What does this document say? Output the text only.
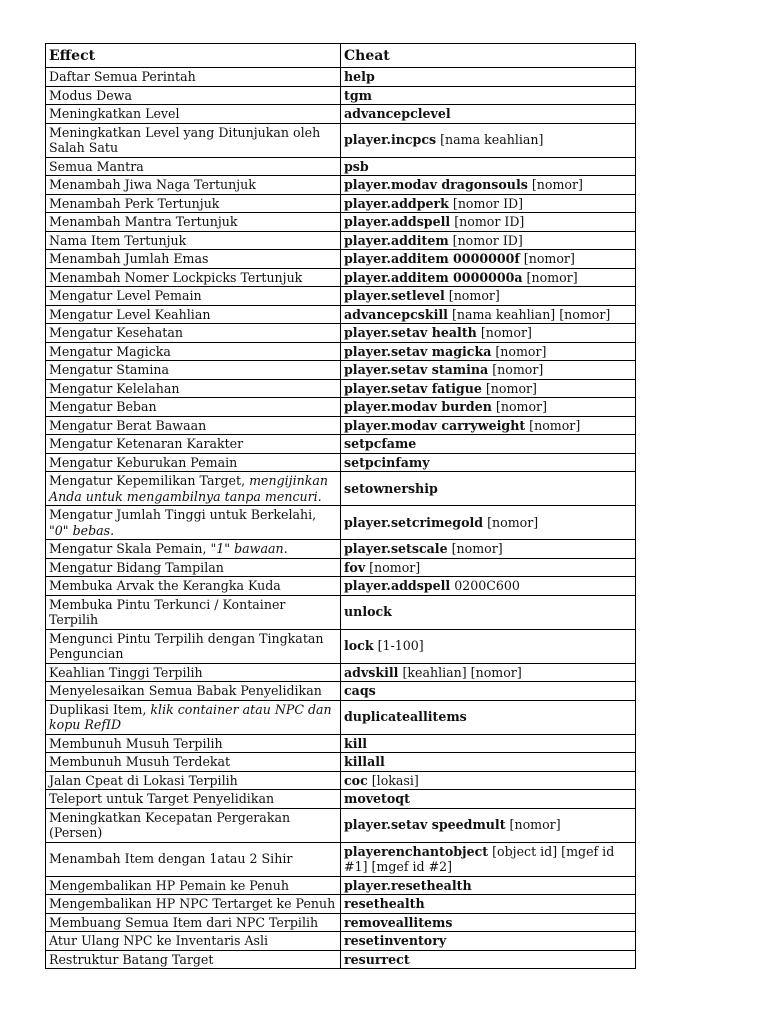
Effect	Cheat
Daftar Semua Perintah	help
Modus Dewa	tgm
Meningkatkan Level	advancepclevel
Meningkatkan Level yang Ditunjukan oleh Salah Satu	player.incpcs [nama keahlian]
Semua Mantra	psb
Menambah Jiwa Naga Tertunjuk	player.modav dragonsouls [nomor]
Menambah Perk Tertunjuk	player.addperk [nomor ID]
Menambah Mantra Tertunjuk	player.addspell [nomor ID]
Nama Item Tertunjuk	player.additem [nomor ID]
Menambah Jumlah Emas	player.additem 0000000f [nomor]
Menambah Nomer Lockpicks Tertunjuk	player.additem 0000000a [nomor]
Mengatur Level Pemain	player.setlevel [nomor]
Mengatur Level Keahlian	advancepcskill [nama keahlian] [nomor]
Mengatur Kesehatan	player.setav health [nomor]
Mengatur Magicka	player.setav magicka [nomor]
Mengatur Stamina	player.setav stamina [nomor]
Mengatur Kelelahan	player.setav fatigue [nomor]
Mengatur Beban	player.modav burden [nomor]
Mengatur Berat Bawaan	player.modav carryweight [nomor]
Mengatur Ketenaran Karakter	setpcfame
Mengatur Keburukan Pemain	setpcinfamy
Mengatur Kepemilikan Target, mengijinkan Anda untuk mengambilnya tanpa mencuri.	setownership
Mengatur Jumlah Tinggi untuk Berkelahi, "0" bebas.	player.setcrimegold [nomor]
Mengatur Skala Pemain, "1" bawaan.	player.setscale [nomor]
Mengatur Bidang Tampilan	fov [nomor]
Membuka Arvak the Kerangka Kuda	player.addspell 0200C600
Membuka Pintu Terkunci / Kontainer Terpilih	unlock
Mengunci Pintu Terpilih dengan Tingkatan Penguncian	lock [1-100]
Keahlian Tinggi Terpilih	advskill [keahlian] [nomor]
Menyelesaikan Semua Babak Penyelidikan	caqs
Duplikasi Item, klik container atau NPC dan kopu RefID	duplicateallitems
Membunuh Musuh Terpilih	kill
Membunuh Musuh Terdekat	killall
Jalan Cpeat di Lokasi Terpilih	coc [lokasi]
Teleport untuk Target Penyelidikan	movetoqt
Meningkatkan Kecepatan Pergerakan (Persen)	player.setav speedmult [nomor]
Menambah Item dengan 1atau 2 Sihir	playerenchantobject [object id] [mgef id #1] [mgef id #2]
Mengembalikan HP Pemain ke Penuh	player.resethealth
Mengembalikan HP NPC Tertarget ke Penuh	resethealth
Membuang Semua Item dari NPC Terpilih	removeallitems
Atur Ulang NPC ke Inventaris Asli	resetinventory
Restruktur Batang Target	resurrect
